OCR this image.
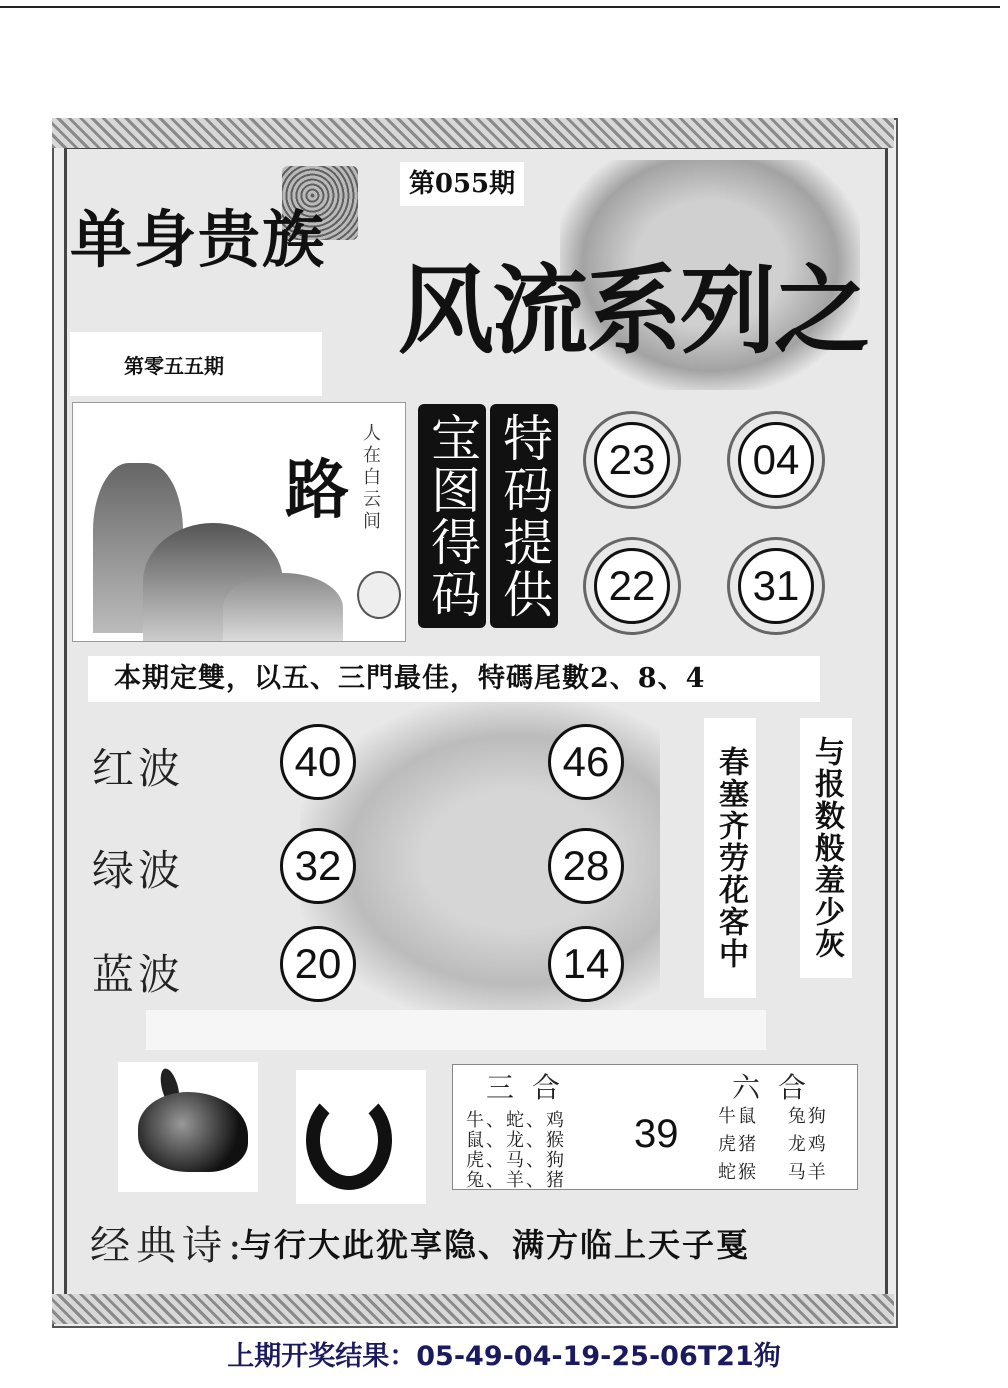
单身贵族
第055期
风流系列之
第零五五期
路 人在白云间 宝图得码 特码提供	23	04
22	31
本期定雙，以五、三門最佳，特碼尾數2、8、4
红波	40	46
绿波	32	28
蓝波	20	14	春塞齐劳花客中	与报数般羞少灰
三合
牛、蛇、鸡
鼠、龙、猴
虎、马、狗
兔、羊、猪
39
六合
牛鼠 兔狗
虎猪 龙鸡
蛇猴 马羊
经典诗:
与行大此犹享隐、满方临上天子戛
上期开奖结果：05-49-04-19-25-06T21狗
